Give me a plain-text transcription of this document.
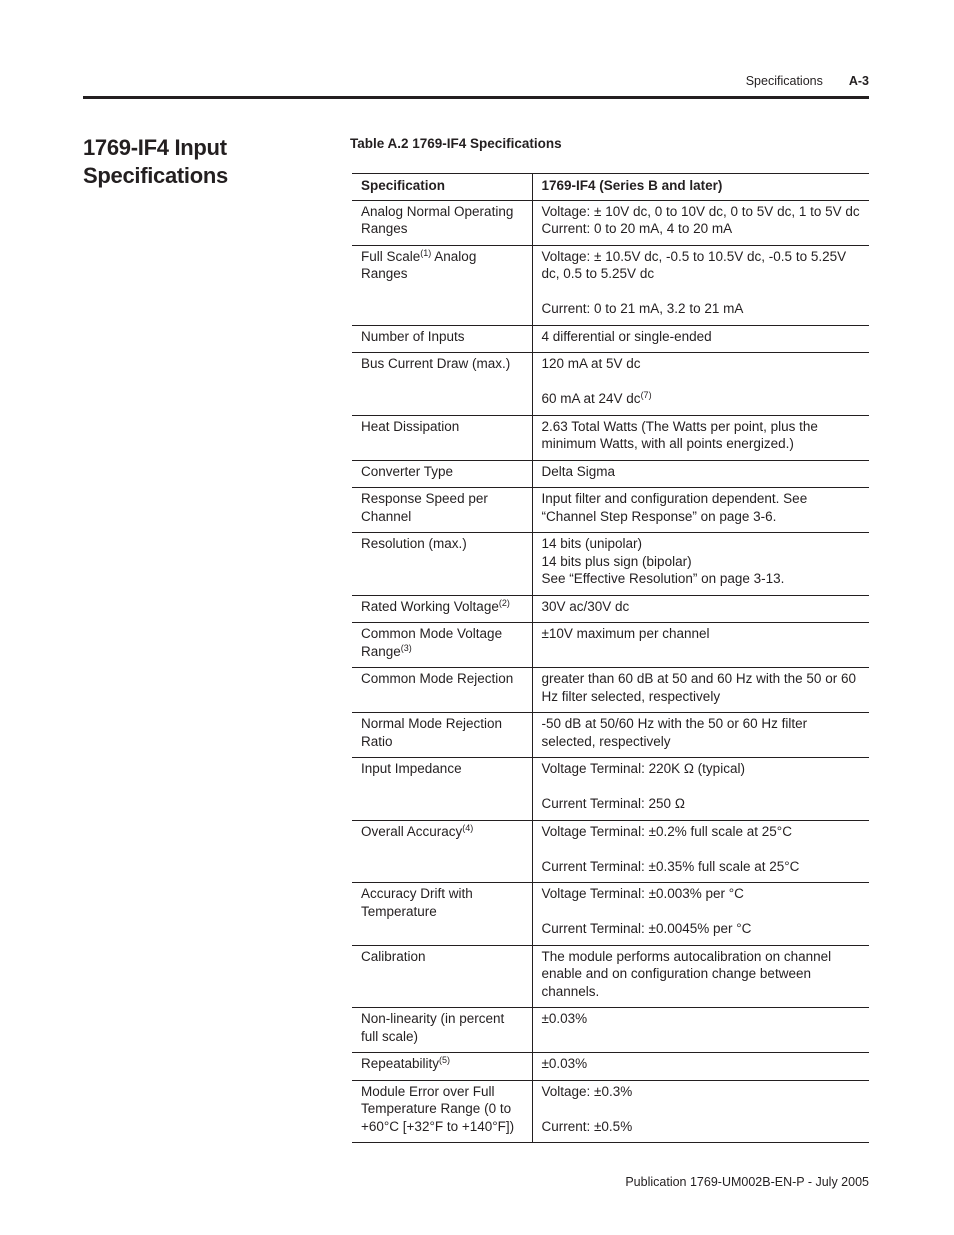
Specifications A-3
1769-IF4 Input Specifications

Table A.2 1769-IF4 Specifications

Specification	1769-IF4 (Series B and later)
Analog Normal Operating Ranges	Voltage: ± 10V dc, 0 to 10V dc, 0 to 5V dc, 1 to 5V dc
Current: 0 to 20 mA, 4 to 20 mA

Full Scale$^{(1)}$ Analog Ranges	Voltage: ± 10.5V dc, -0.5 to 10.5V dc, -0.5 to 5.25V dc, 0.5 to 5.25V dc
Current: 0 to 21 mA, 3.2 to 21 mA

Number of Inputs	4 differential or single-ended

Bus Current Draw (max.)	120 mA at 5V dc
60 mA at 24V $dc^{(7)}$

Heat Dissipation	2.63 Total Watts (The Watts per point, plus the minimum Watts, with all points energized.)

Converter Type	Delta Sigma

Response Speed per Channel	Input filter and configuration dependent. See “Channel Step Response” on page 3-6.

Resolution (max.)	14 bits (unipolar)
14 bits plus sign (bipolar)
See “Effective Resolution” on page 3-13.

Rated Working Voltage$^{(2)}$	30V ac/30V dc

Common Mode Voltage Range$^{(3)}$	±10V maximum per channel

Common Mode Rejection	greater than 60 dB at 50 and 60 Hz with the 50 or 60 Hz filter selected, respectively

Normal Mode Rejection Ratio	-50 dB at 50/60 Hz with the 50 or 60 Hz filter selected, respectively

Input Impedance	Voltage Terminal: 220K Ω (typical)
Current Terminal: 250 Ω

Overall Accuracy$^{(4)}$	Voltage Terminal: ±0.2% full scale at 25°C
Current Terminal: ±0.35% full scale at 25°C

Accuracy Drift with Temperature	Voltage Terminal: ±0.003% per °C
Current Terminal: ±0.0045% per °C

Calibration	The module performs autocalibration on channel enable and on configuration change between channels.

Non-linearity (in percent full scale)	±0.03%

Repeatability$^{(5)}$	±0.03%

Module Error over Full Temperature Range (0 to +60°C [+32°F to +140°F])	Voltage: ±0.3%
Current: ±0.5%
Publication 1769-UM002B-EN-P - July 2005
